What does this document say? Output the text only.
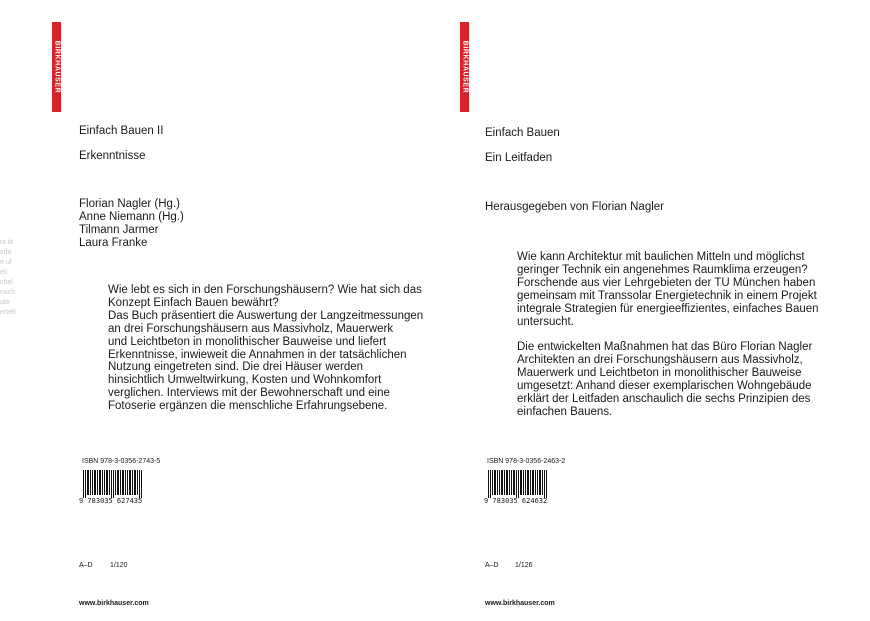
BIRKHÄUSER
nt iti
stfa
e uf
eli
chel
nach
ute
ertelt
Einfach Bauen II
Erkenntnisse
Florian Nagler (Hg.)
Anne Niemann (Hg.)
Tilmann Jarmer
Laura Franke

Wie lebt es sich in den Forschungshäusern? Wie hat sich das
Konzept Einfach Bauen bewährt?
Das Buch präsentiert die Auswertung der Langzeitmessungen
an drei Forschungshäusern aus Massivholz, Mauerwerk
und Leichtbeton in monolithischer Bauweise und liefert
Erkenntnisse, inwieweit die Annahmen in der tatsächlichen
Nutzung eingetreten sind. Die drei Häuser werden
hinsichtlich Umweltwirkung, Kosten und Wohnkomfort
verglichen. Interviews mit der Bewohnerschaft und eine
Fotoserie ergänzen die menschliche Erfahrungsebene.

ISBN 978-3-0356-2743-5
9 783035 627435
A–D 1/120
www.birkhauser.com
BIRKHÄUSER
Einfach Bauen
Ein Leitfaden
Herausgegeben von Florian Nagler

Wie kann Architektur mit baulichen Mitteln und möglichst
geringer Technik ein angenehmes Raumklima erzeugen?
Forschende aus vier Lehrgebieten der TU München haben
gemeinsam mit Transsolar Energietechnik in einem Projekt
integrale Strategien für energieeffizientes, einfaches Bauen
untersucht.

Die entwickelten Maßnahmen hat das Büro Florian Nagler
Architekten an drei Forschungshäusern aus Massivholz,
Mauerwerk und Leichtbeton in monolithischer Bauweise
umgesetzt: Anhand dieser exemplarischen Wohngebäude
erklärt der Leitfaden anschaulich die sechs Prinzipien des
einfachen Bauens.

ISBN 978-3-0356-2463-2
9 783035 624632
A–D 1/126
www.birkhauser.com
